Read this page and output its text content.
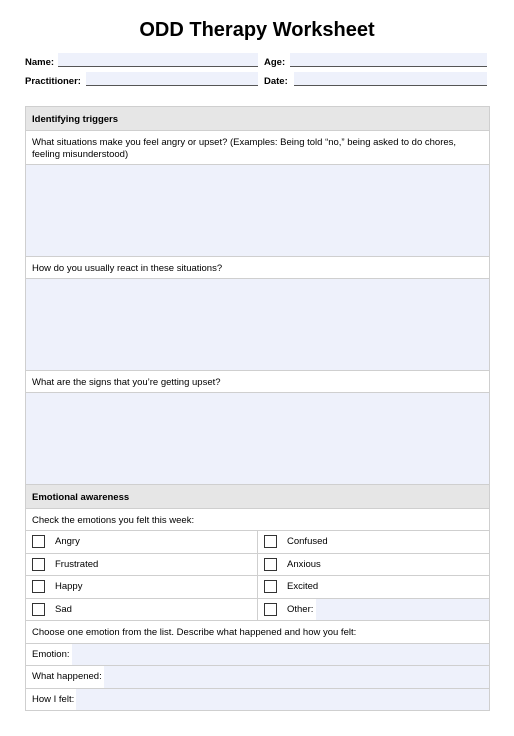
ODD Therapy Worksheet
Name:	Age:
Practitioner:	Date:
Identifying triggers
What situations make you feel angry or upset? (Examples: Being told “no,” being asked to do chores, feeling misunderstood)
How do you usually react in these situations?
What are the signs that you’re getting upset?
Emotional awareness
Check the emotions you felt this week:
Angry	Confused
Frustrated	Anxious
Happy	Excited
Sad	Other:
Choose one emotion from the list. Describe what happened and how you felt:
Emotion:
What happened:
How I felt:
